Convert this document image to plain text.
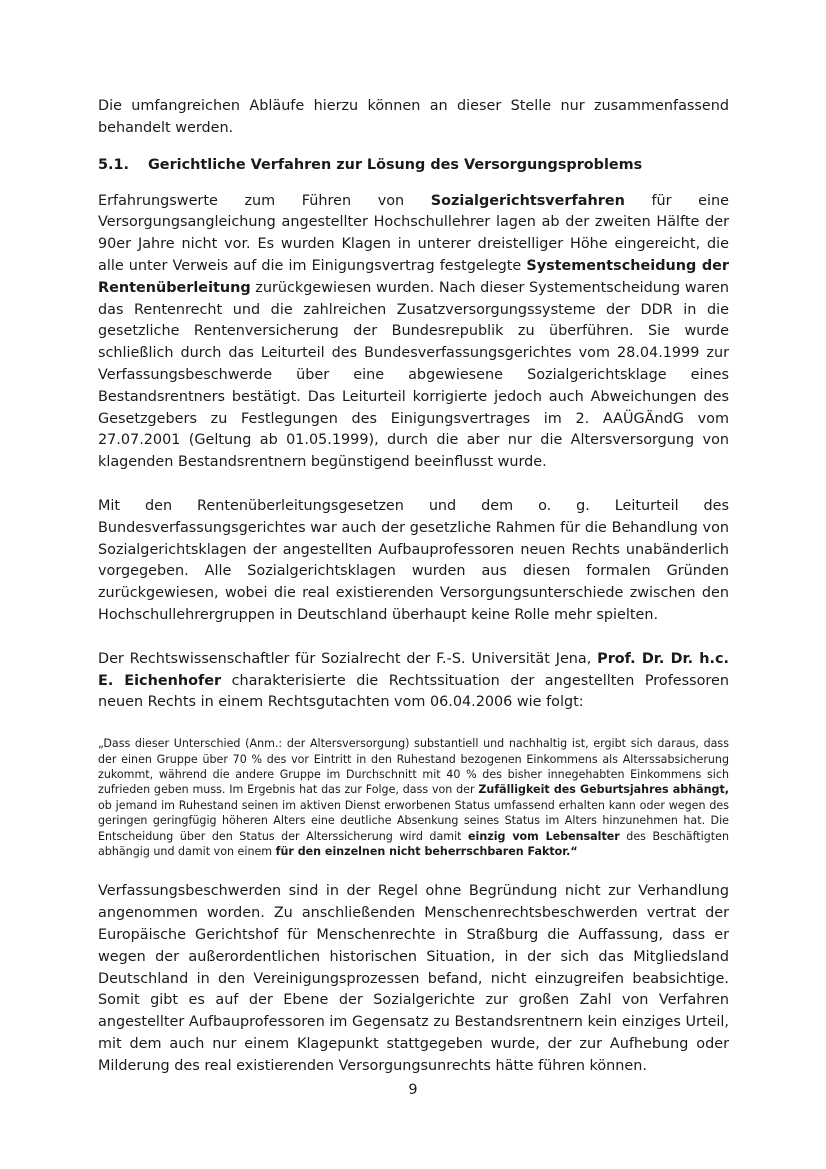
Die umfangreichen Abläufe hierzu können an dieser Stelle nur zusammenfassend behandelt werden.

5.1.	Gerichtliche Verfahren zur Lösung des Versorgungsproblems

Erfahrungswerte zum Führen von Sozialgerichtsverfahren für eine Versorgungsangleichung angestellter Hochschullehrer lagen ab der zweiten Hälfte der 90er Jahre nicht vor. Es wurden Klagen in unterer dreistelliger Höhe eingereicht, die alle unter Verweis auf die im Einigungsvertrag festgelegte Systementscheidung der Rentenüberleitung zurückgewiesen wurden. Nach dieser Systementscheidung waren das Rentenrecht und die zahlreichen Zusatzversorgungssysteme der DDR in die gesetzliche Rentenversicherung der Bundesrepublik zu überführen. Sie wurde schließlich durch das Leiturteil des Bundesverfassungsgerichtes vom 28.04.1999 zur Verfassungsbeschwerde über eine abgewiesene Sozialgerichtsklage eines Bestandsrentners bestätigt. Das Leiturteil korrigierte jedoch auch Abweichungen des Gesetzgebers zu Festlegungen des Einigungsvertrages im 2. AAÜGÄndG vom 27.07.2001 (Geltung ab 01.05.1999), durch die aber nur die Altersversorgung von klagenden Bestandsrentnern begünstigend beeinflusst wurde.

Mit den Rentenüberleitungsgesetzen und dem o. g. Leiturteil des Bundesverfassungsgerichtes war auch der gesetzliche Rahmen für die Behandlung von Sozialgerichtsklagen der angestellten Aufbauprofessoren neuen Rechts unabänderlich vorgegeben. Alle Sozialgerichtsklagen wurden aus diesen formalen Gründen zurückgewiesen, wobei die real existierenden Versorgungsunterschiede zwischen den Hochschullehrergruppen in Deutschland überhaupt keine Rolle mehr spielten.

Der Rechtswissenschaftler für Sozialrecht der F.-S. Universität Jena, Prof. Dr. Dr. h.c. E. Eichenhofer charakterisierte die Rechtssituation der angestellten Professoren neuen Rechts in einem Rechtsgutachten vom 06.04.2006 wie folgt:

„Dass dieser Unterschied (Anm.: der Altersversorgung) substantiell und nachhaltig ist, ergibt sich daraus, dass der einen Gruppe über 70 % des vor Eintritt in den Ruhestand bezogenen Einkommens als Alterssabsicherung zukommt, während die andere Gruppe im Durchschnitt mit 40 % des bisher innegehabten Einkommens sich zufrieden geben muss. Im Ergebnis hat das zur Folge, dass von der Zufälligkeit des Geburtsjahres abhängt, ob jemand im Ruhestand seinen im aktiven Dienst erworbenen Status umfassend erhalten kann oder wegen des geringen geringfügig höheren Alters eine deutliche Absenkung seines Status im Alters hinzunehmen hat. Die Entscheidung über den Status der Alterssicherung wird damit einzig vom Lebensalter des Beschäftigten abhängig und damit von einem für den einzelnen nicht beherrschbaren Faktor.“

Verfassungsbeschwerden sind in der Regel ohne Begründung nicht zur Verhandlung angenommen worden. Zu anschließenden Menschenrechtsbeschwerden vertrat der Europäische Gerichtshof für Menschenrechte in Straßburg die Auffassung, dass er wegen der außerordentlichen historischen Situation, in der sich das Mitgliedsland Deutschland in den Vereinigungsprozessen befand, nicht einzugreifen beabsichtige. Somit gibt es auf der Ebene der Sozialgerichte zur großen Zahl von Verfahren angestellter Aufbauprofessoren im Gegensatz zu Bestandsrentnern kein einziges Urteil, mit dem auch nur einem Klagepunkt stattgegeben wurde, der zur Aufhebung oder Milderung des real existierenden Versorgungsunrechts hätte führen können.

9
